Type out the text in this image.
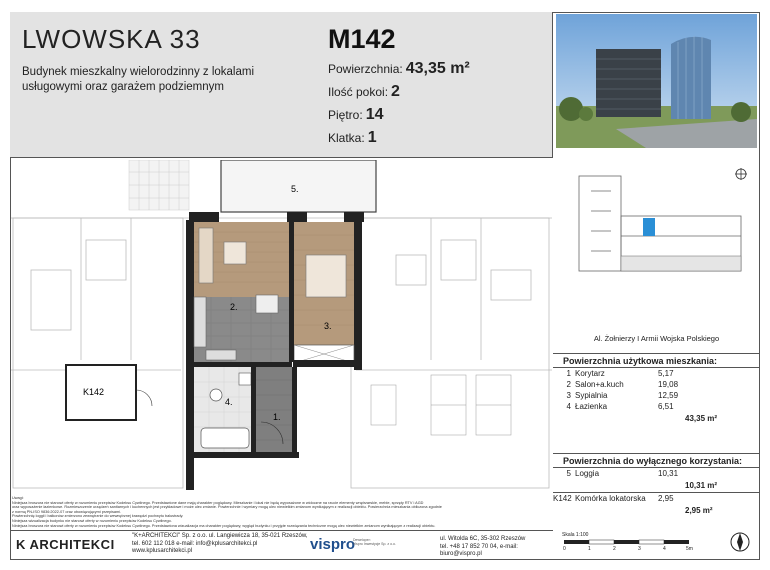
LWOWSKA 33	M142
Budynek mieszkalny wielorodzinny z lokalami usługowymi oraz garażem podziemnym
Powierzchnia: 43,35 m²
Ilość pokoi: 2
Piętro: 14
Klatka: 1
5.
2.
3.
1.
4.
K142
Al. Żołnierzy I Armii Wojska Polskiego
Powierzchnia użytkowa mieszkania:
1 Korytarz	5,17
2 Salon+a.kuch	19,08
3 Sypialnia	12,59
4 Łazienka	6,51
43,35 m²
Powierzchnia do wyłącznego korzystania:
5 Loggia	10,31
10,31 m²
K142 Komórka lokatorska	2,95
2,95 m²
Uwagi:
Niniejsza broszura nie stanowi oferty w rozumieniu przepisów Kodeksu Cywilnego. Przedstawione dane mają charakter poglądowy. Mieszkanie i lokal nie będą wyposażone w widoczne na rzucie elementy wnętrzarskie, meble, sprzęty RTV i AGD
oraz wyposażenie łazienkowe. Rozmieszczenie urządzeń sanitarnych i kuchennych jest przykładowe i może ulec zmianie. Powierzchnie i wymiary mogą ulec niewielkim zmianom wynikającym z realizacji obiektu. Powierzchnia mieszkania obliczona zgodnie
z normą PN-ISO 9836:2022-07 oraz obowiązującymi przepisami.
Powierzchnię loggii i balkonów zmierzono zewnętrznie do wewnętrznej krawędzi pochwytu balustrady.
Niniejsza wizualizacja budynku nie stanowi oferty w rozumieniu przepisów Kodeksu Cywilnego.
Niniejsza broszura nie stanowi oferty w rozumieniu przepisów Kodeksu Cywilnego. Przedstawiona wizualizacja ma charakter poglądowy, wygląd budynku i przyjęte rozwiązania techniczne mogą ulec niewielkim zmianom wynikającym z realizacji obiektu.
K ARCHITEKCI
"K+ARCHITEKCI" Sp. z o.o. ul. Langiewicza 18, 35-021 Rzeszów,
tel. 602 112 018 e-mail: info@kplusarchitekci.pl
www.kplusarchitekci.pl	vispro
Deweloper:
Vispro Inwestycje Sp. z o.o.
ul. Witolda 6C, 35-302 Rzeszów
tel. +48 17 852 70 04, e-mail: biuro@vispro.pl
Skala 1:100
0	1	2	3	4	5m
